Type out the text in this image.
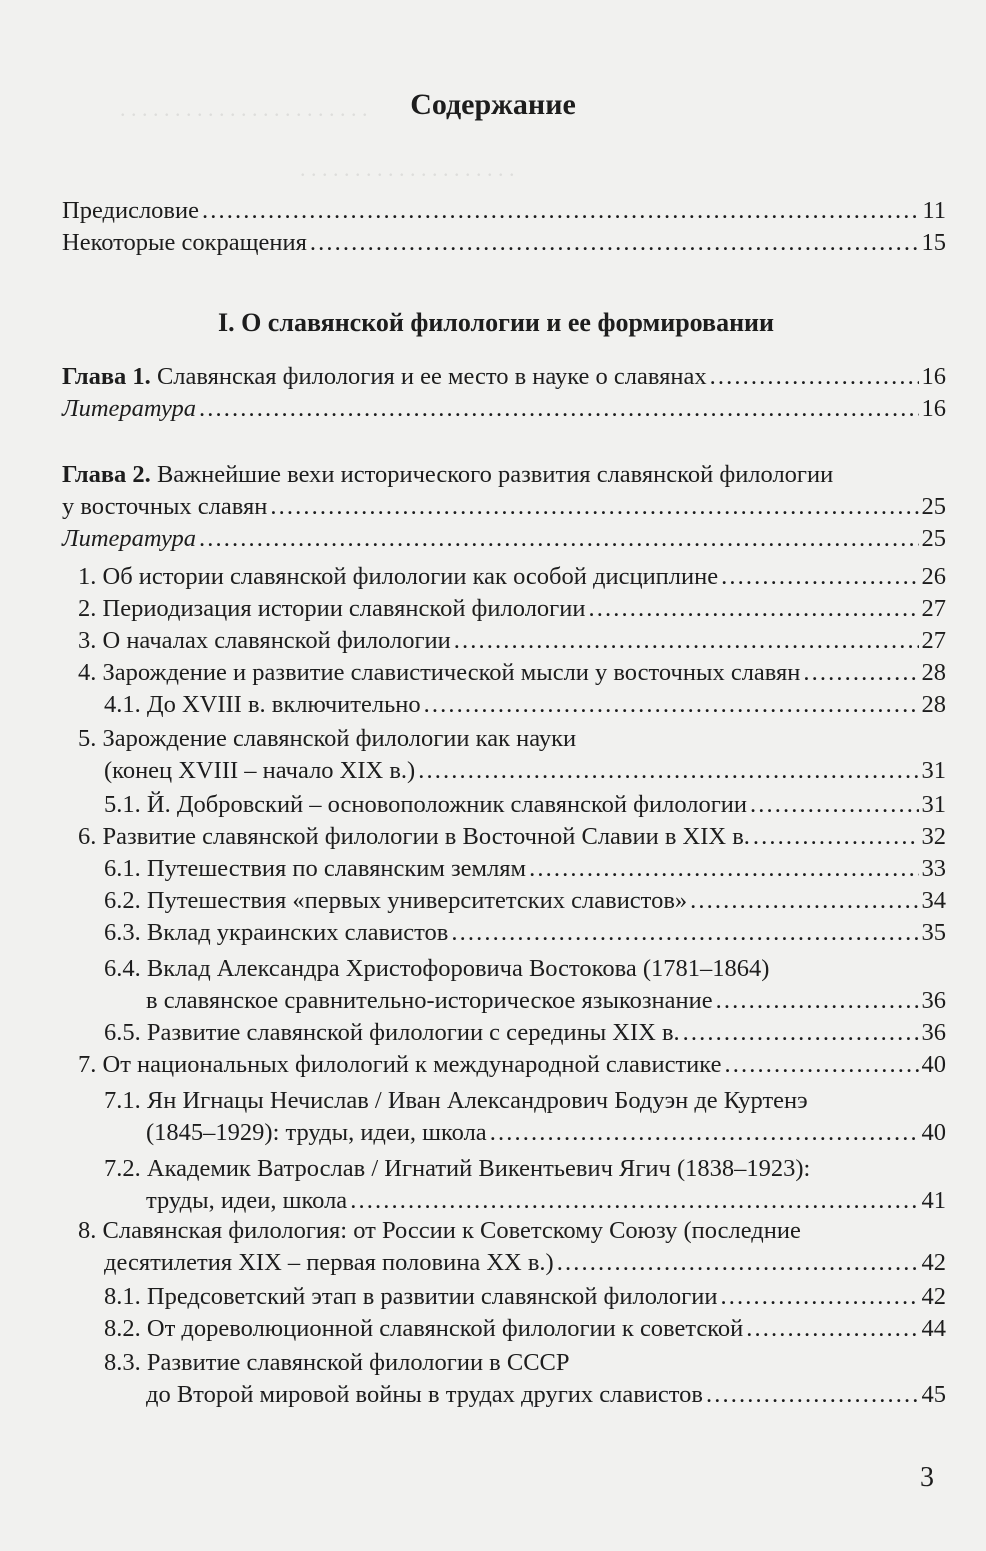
. . . . . . . . . . . . . . . . . . . . . . .
. . . . . . . . . . . . . . . . . . . .
Содержание
Предисловие . . .	11
Некоторые сокращения . . .	15
I. О славянской филологии и ее формировании
Глава 1. Славянская филология и ее место в науке о славянах . . .	16
Литература . . .	16
Глава 2. Важнейшие вехи исторического развития славянской филологии
у восточных славян . . .	25
Литература . . .	25
1. Об истории славянской филологии как особой дисциплине . . .	26
2. Периодизация истории славянской филологии . . .	27
3. О началах славянской филологии . . .	27
4. Зарождение и развитие славистической мысли у восточных славян . . .	28
4.1. До XVIII в. включительно . . .	28
5. Зарождение славянской филологии как науки
(конец XVIII – начало XIX в.) . . .	31
5.1. Й. Добровский – основоположник славянской филологии . . .	31
6. Развитие славянской филологии в Восточной Славии в XIX в. . . .	32
6.1. Путешествия по славянским землям . . .	33
6.2. Путешествия «первых университетских славистов» . . .	34
6.3. Вклад украинских славистов . . .	35
6.4. Вклад Александра Христофоровича Востокова (1781–1864)
в славянское сравнительно-историческое языкознание . . .	36
6.5. Развитие славянской филологии с середины XIX в. . . .	36
7. От национальных филологий к международной славистике . . .	40
7.1. Ян Игнацы Нечислав / Иван Александрович Бодуэн де Куртенэ
(1845–1929): труды, идеи, школа . . .	40
7.2. Академик Ватрослав / Игнатий Викентьевич Ягич (1838–1923):
труды, идеи, школа . . .	41
8. Славянская филология: от России к Советскому Союзу (последние
десятилетия XIX – первая половина XX в.) . . .	42
8.1. Предсоветский этап в развитии славянской филологии . . .	42
8.2. От дореволюционной славянской филологии к советской . . .	44
8.3. Развитие славянской филологии в СССР
до Второй мировой войны в трудах других славистов . . .	45
3
